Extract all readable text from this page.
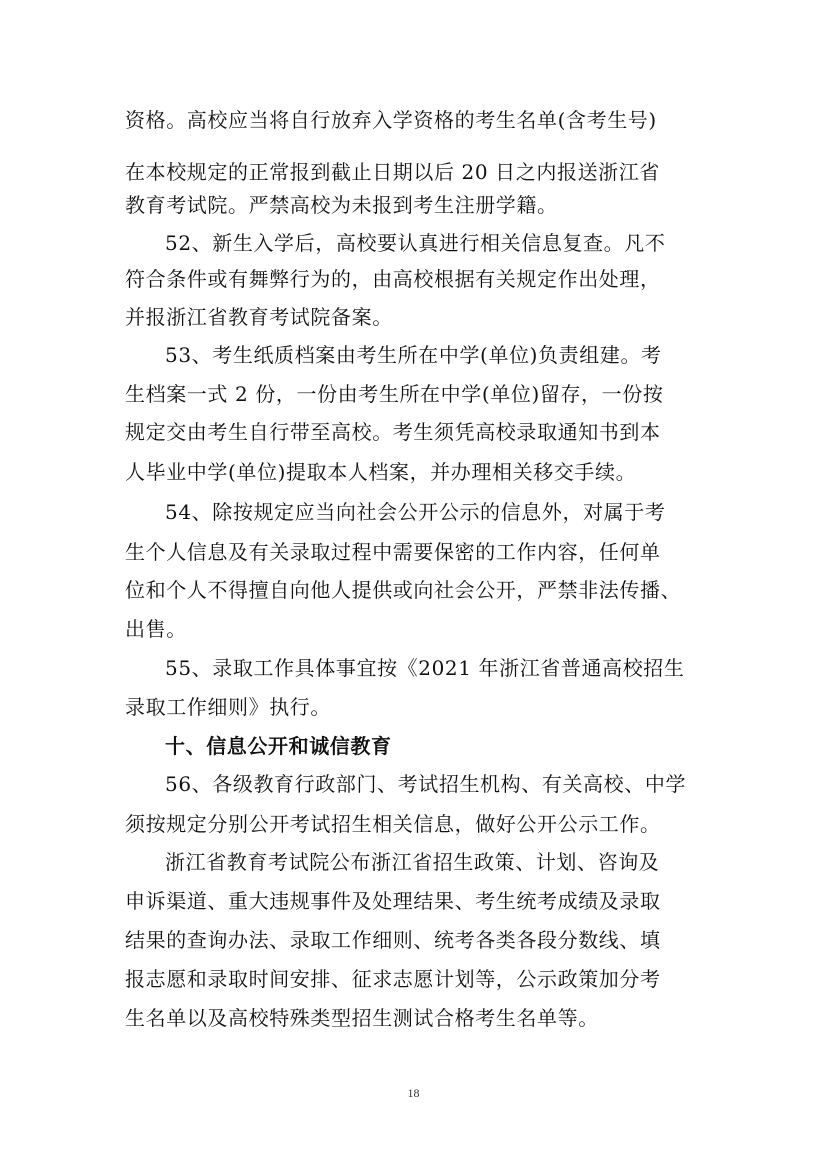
资格。高校应当将自行放弃入学资格的考生名单(含考生号)
在本校规定的正常报到截止日期以后 20 日之内报送浙江省
教育考试院。严禁高校为未报到考生注册学籍。
52、新生入学后，高校要认真进行相关信息复查。凡不
符合条件或有舞弊行为的，由高校根据有关规定作出处理，
并报浙江省教育考试院备案。
53、考生纸质档案由考生所在中学(单位)负责组建。考
生档案一式 2 份，一份由考生所在中学(单位)留存，一份按
规定交由考生自行带至高校。考生须凭高校录取通知书到本
人毕业中学(单位)提取本人档案，并办理相关移交手续。
54、除按规定应当向社会公开公示的信息外，对属于考
生个人信息及有关录取过程中需要保密的工作内容，任何单
位和个人不得擅自向他人提供或向社会公开，严禁非法传播、
出售。
55、录取工作具体事宜按《2021 年浙江省普通高校招生
录取工作细则》执行。
十、信息公开和诚信教育
56、各级教育行政部门、考试招生机构、有关高校、中学
须按规定分别公开考试招生相关信息，做好公开公示工作。
浙江省教育考试院公布浙江省招生政策、计划、咨询及
申诉渠道、重大违规事件及处理结果、考生统考成绩及录取
结果的查询办法、录取工作细则、统考各类各段分数线、填
报志愿和录取时间安排、征求志愿计划等，公示政策加分考
生名单以及高校特殊类型招生测试合格考生名单等。
18
